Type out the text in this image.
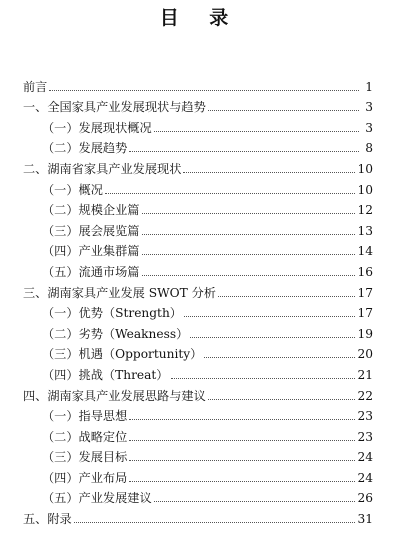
目 录
前言	1
一、全国家具产业发展现状与趋势	3
（一）发展现状概况	3
（二）发展趋势	8
二、湖南省家具产业发展现状	10
（一）概况	10
（二）规模企业篇	12
（三）展会展览篇	13
（四）产业集群篇	14
（五）流通市场篇	16
三、湖南家具产业发展 SWOT 分析	17
（一）优势（Strength）	17
（二）劣势（Weakness）	19
（三）机遇（Opportunity）	20
（四）挑战（Threat）	21
四、湖南家具产业发展思路与建议	22
（一）指导思想	23
（二）战略定位	23
（三）发展目标	24
（四）产业布局	24
（五）产业发展建议	26
五、附录	31
